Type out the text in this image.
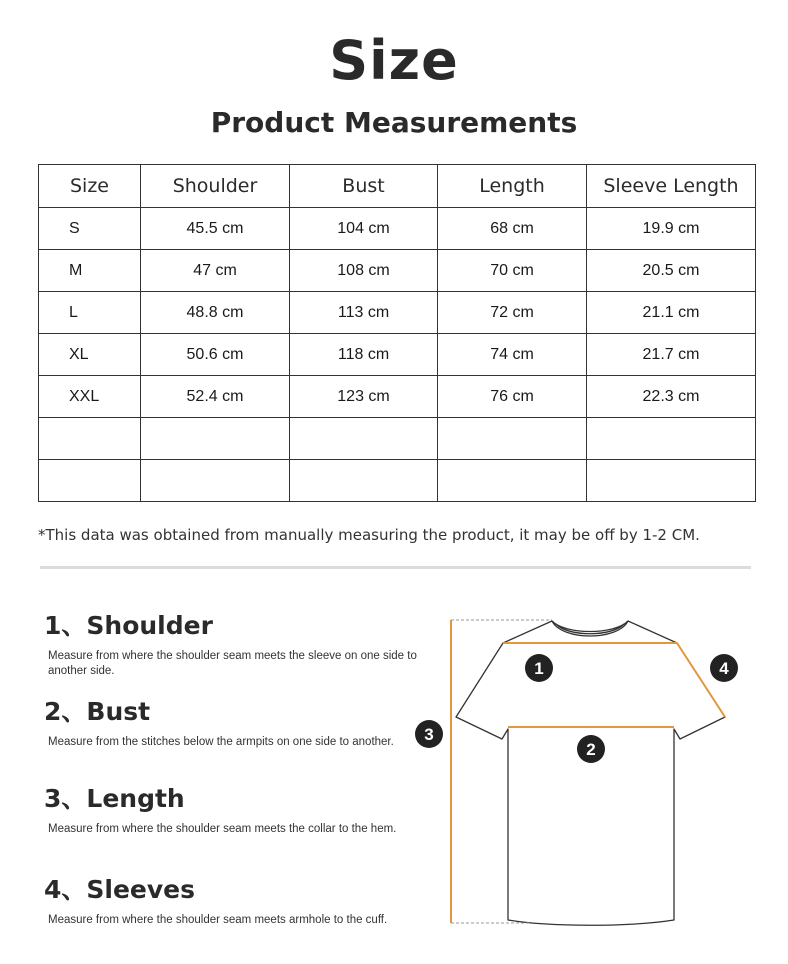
Size
Product Measurements
Size	Shoulder	Bust	Length	Sleeve Length
S	45.5 cm	104 cm	68 cm	19.9 cm
M	47 cm	108 cm	70 cm	20.5 cm
L	48.8 cm	113 cm	72 cm	21.1 cm
XL	50.6 cm	118 cm	74 cm	21.7 cm
XXL	52.4 cm	123 cm	76 cm	22.3 cm

*This data was obtained from manually measuring the product, it may be off by 1-2 CM.
1、Shoulder

Measure from where the shoulder seam meets the sleeve on one side to another side.

2、Bust

Measure from the stitches below the armpits on one side to another.

3、Length

Measure from where the shoulder seam meets the collar to the hem.

4、Sleeves

Measure from where the shoulder seam meets armhole to the cuff.

1
2
3
4
